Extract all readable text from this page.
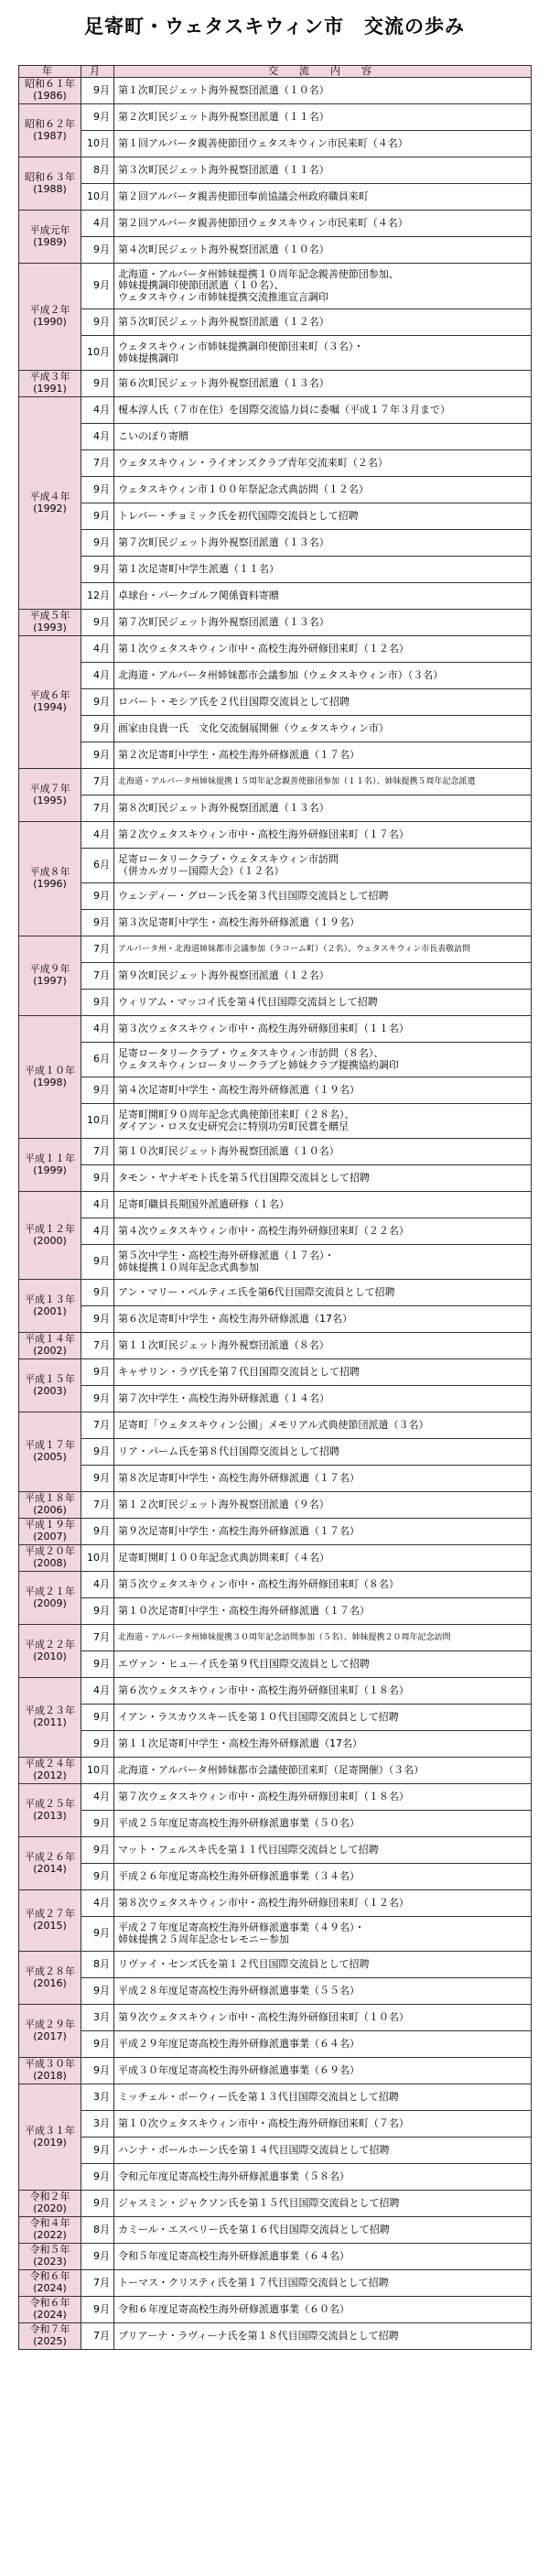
足寄町・ウェタスキウィン市　交流の歩み
年	月	交　流　内　容
昭和６１年
(1986)	9月	第１次町民ジェット海外視察団派遣（１０名）
昭和６２年
(1987)	9月	第２次町民ジェット海外視察団派遣（１１名）
	10月	第１回アルバータ親善使節団ウェタスキウィン市民来町（４名）
昭和６３年
(1988)	8月	第３次町民ジェット海外視察団派遣（１１名）
	10月	第２回アルバータ親善使節団奉前協議会州政府職員来町
平成元年
(1989)	4月	第２回アルバータ親善使節団ウェタスキウィン市民来町（４名）
	9月	第４次町民ジェット海外視察団派遣（１０名）
平成２年
(1990)	9月	北海道・アルバータ州姉妹提携１０周年記念親善使節団参加、
姉妹提携調印使節団派遣（１０名）、
ウェタスキウィン市姉妹提携交流推進宣言調印
	9月	第５次町民ジェット海外視察団派遣（１２名）
	10月	ウェタスキウィン市姉妹提携調印使節団来町（３名）・
姉妹提携調印
平成３年
(1991)	9月	第６次町民ジェット海外視察団派遣（１３名）
平成４年
(1992)	4月	榎本淳人氏（７市在住）を国際交流協力員に委嘱（平成１７年３月まで）
	4月	こいのぼり寄贈
	7月	ウェタスキウィン・ライオンズクラブ青年交流来町（２名）
	9月	ウェタスキウィン市１００年祭記念式典訪問（１２名）
	9月	トレバー・チョミック氏を初代国際交流員として招聘
	9月	第７次町民ジェット海外視察団派遣（１３名）
	9月	第１次足寄町中学生派遣（１１名）
	12月	卓球台・パークゴルフ関係資料寄贈
平成５年
(1993)	9月	第７次町民ジェット海外視察団派遣（１３名）
平成６年
(1994)	4月	第１次ウェタスキウィン市中・高校生海外研修団来町（１２名）
	4月	北海道・アルバータ州姉妹都市会議参加（ウェタスキウィン市）（３名）
	9月	ロバート・モシア氏を２代目国際交流員として招聘
	9月	画家由良貴一氏　文化交流個展開催（ウェタスキウィン市）
	9月	第２次足寄町中学生・高校生海外研修派遣（１７名）
平成７年
(1995)	7月	北海道・アルバータ州姉妹提携１５周年記念親善使節団参加（１１名）、姉妹提携５周年記念派遣
	7月	第８次町民ジェット海外視察団派遣（１３名）
平成８年
(1996)	4月	第２次ウェタスキウィン市中・高校生海外研修団来町（１７名）
	6月	足寄ロータリークラブ・ウェタスキウィン市訪問
（併カルガリー国際大会）（１２名）
	9月	ウェンディー・グローン氏を第３代目国際交流員として招聘
	9月	第３次足寄町中学生・高校生海外研修派遣（１９名）
平成９年
(1997)	7月	アルバータ州・北海道姉妹都市会議参加（ラコーム町）（２名）、ウェタスキウィン市長表敬訪問
	7月	第９次町民ジェット海外視察団派遣（１２名）
	9月	ウィリアム・マッコイ氏を第４代目国際交流員として招聘
平成１０年
(1998)	4月	第３次ウェタスキウィン市中・高校生海外研修団来町（１１名）
	6月	足寄ロータリークラブ・ウェタスキウィン市訪問（８名）、
ウェタスキウィンロータリークラブと姉妹クラブ提携協約調印
	9月	第４次足寄町中学生・高校生海外研修派遣（１９名）
	10月	足寄町開町９０周年記念式典使節団来町（２８名）、
ダイアン・ロス女史研究会に特別功労町民賞を贈呈
平成１１年
(1999)	7月	第１０次町民ジェット海外視察団派遣（１０名）
	9月	タモン・ヤナギモト氏を第５代目国際交流員として招聘
平成１２年
(2000)	4月	足寄町職員長期国外派遣研修（１名）
	4月	第４次ウェタスキウィン市中・高校生海外研修団来町（２２名）
	9月	第５次中学生・高校生海外研修派遣（１７名）・
姉妹提携１０周年記念式典参加
平成１３年
(2001)	9月	アン・マリー・ペルティエ氏を第6代目国際交流員として招聘
	9月	第６次足寄町中学生・高校生海外研修派遣（17名）
平成１４年
(2002)	7月	第１１次町民ジェット海外視察団派遣（８名）
平成１５年
(2003)	9月	キャサリン・ラヴ氏を第７代目国際交流員として招聘
	9月	第７次中学生・高校生海外研修派遣（１４名）
平成１７年
(2005)	7月	足寄町「ウェタスキウィン公園」メモリアル式典使節団派遣（３名）
	9月	リア・パーム氏を第８代目国際交流員として招聘
	9月	第８次足寄町中学生・高校生海外研修派遣（１７名）
平成１８年
(2006)	7月	第１２次町民ジェット海外視察団派遣（９名）
平成１９年
(2007)	9月	第９次足寄町中学生・高校生海外研修派遣（１７名）
平成２０年
(2008)	10月	足寄町開町１００年記念式典訪問来町（４名）
平成２１年
(2009)	4月	第５次ウェタスキウィン市中・高校生海外研修団来町（８名）
	9月	第１０次足寄町中学生・高校生海外研修派遣（１７名）
平成２２年
(2010)	7月	北海道・アルバータ州姉妹提携３０周年記念訪問参加（５名）、姉妹提携２０周年記念訪問
	9月	エヴァン・ヒューイ氏を第９代目国際交流員として招聘
平成２３年
(2011)	4月	第６次ウェタスキウィン市中・高校生海外研修団来町（１８名）
	9月	イアン・ラスカウスキー氏を第１０代目国際交流員として招聘
	9月	第１１次足寄町中学生・高校生海外研修派遣（17名）
平成２４年
(2012)	10月	北海道・アルバータ州姉妹都市会議使節団来町（足寄開催）（３名）
平成２５年
(2013)	4月	第７次ウェタスキウィン市中・高校生海外研修団来町（１８名）
	9月	平成２５年度足寄高校生海外研修派遣事業（５０名）
平成２６年
(2014)	9月	マット・フェルスキ氏を第１１代目国際交流員として招聘
	9月	平成２６年度足寄高校生海外研修派遣事業（３４名）
平成２７年
(2015)	4月	第８次ウェタスキウィン市中・高校生海外研修団来町（１２名）
	9月	平成２７年度足寄高校生海外研修派遣事業（４９名）・
姉妹提携２５周年記念セレモニー参加
平成２８年
(2016)	8月	リヴァイ・センズ氏を第１２代目国際交流員として招聘
	9月	平成２８年度足寄高校生海外研修派遣事業（５５名）
平成２９年
(2017)	3月	第９次ウェタスキウィン市中・高校生海外研修団来町（１０名）
	9月	平成２９年度足寄高校生海外研修派遣事業（６４名）
平成３０年
(2018)	9月	平成３０年度足寄高校生海外研修派遣事業（６９名）
平成３１年
(2019)	3月	ミッチェル・ボーウィー氏を第１３代目国際交流員として招聘
	3月	第１０次ウェタスキウィン市中・高校生海外研修団来町（７名）
	9月	ハンナ・ボールホーン氏を第１４代目国際交流員として招聘
	9月	令和元年度足寄高校生海外研修派遣事業（５８名）
令和２年
(2020)	9月	ジャスミン・ジャクソン氏を第１５代目国際交流員として招聘
令和４年
(2022)	8月	カミール・エスペリー氏を第１６代目国際交流員として招聘
令和５年
(2023)	9月	令和５年度足寄高校生海外研修派遣事業（６４名）
令和６年
(2024)	7月	トーマス・クリスティ氏を第１７代目国際交流員として招聘
令和６年
(2024)	9月	令和６年度足寄高校生海外研修派遣事業（６０名）
令和７年
(2025)	7月	ブリアーナ・ラヴィーナ氏を第１８代目国際交流員として招聘
